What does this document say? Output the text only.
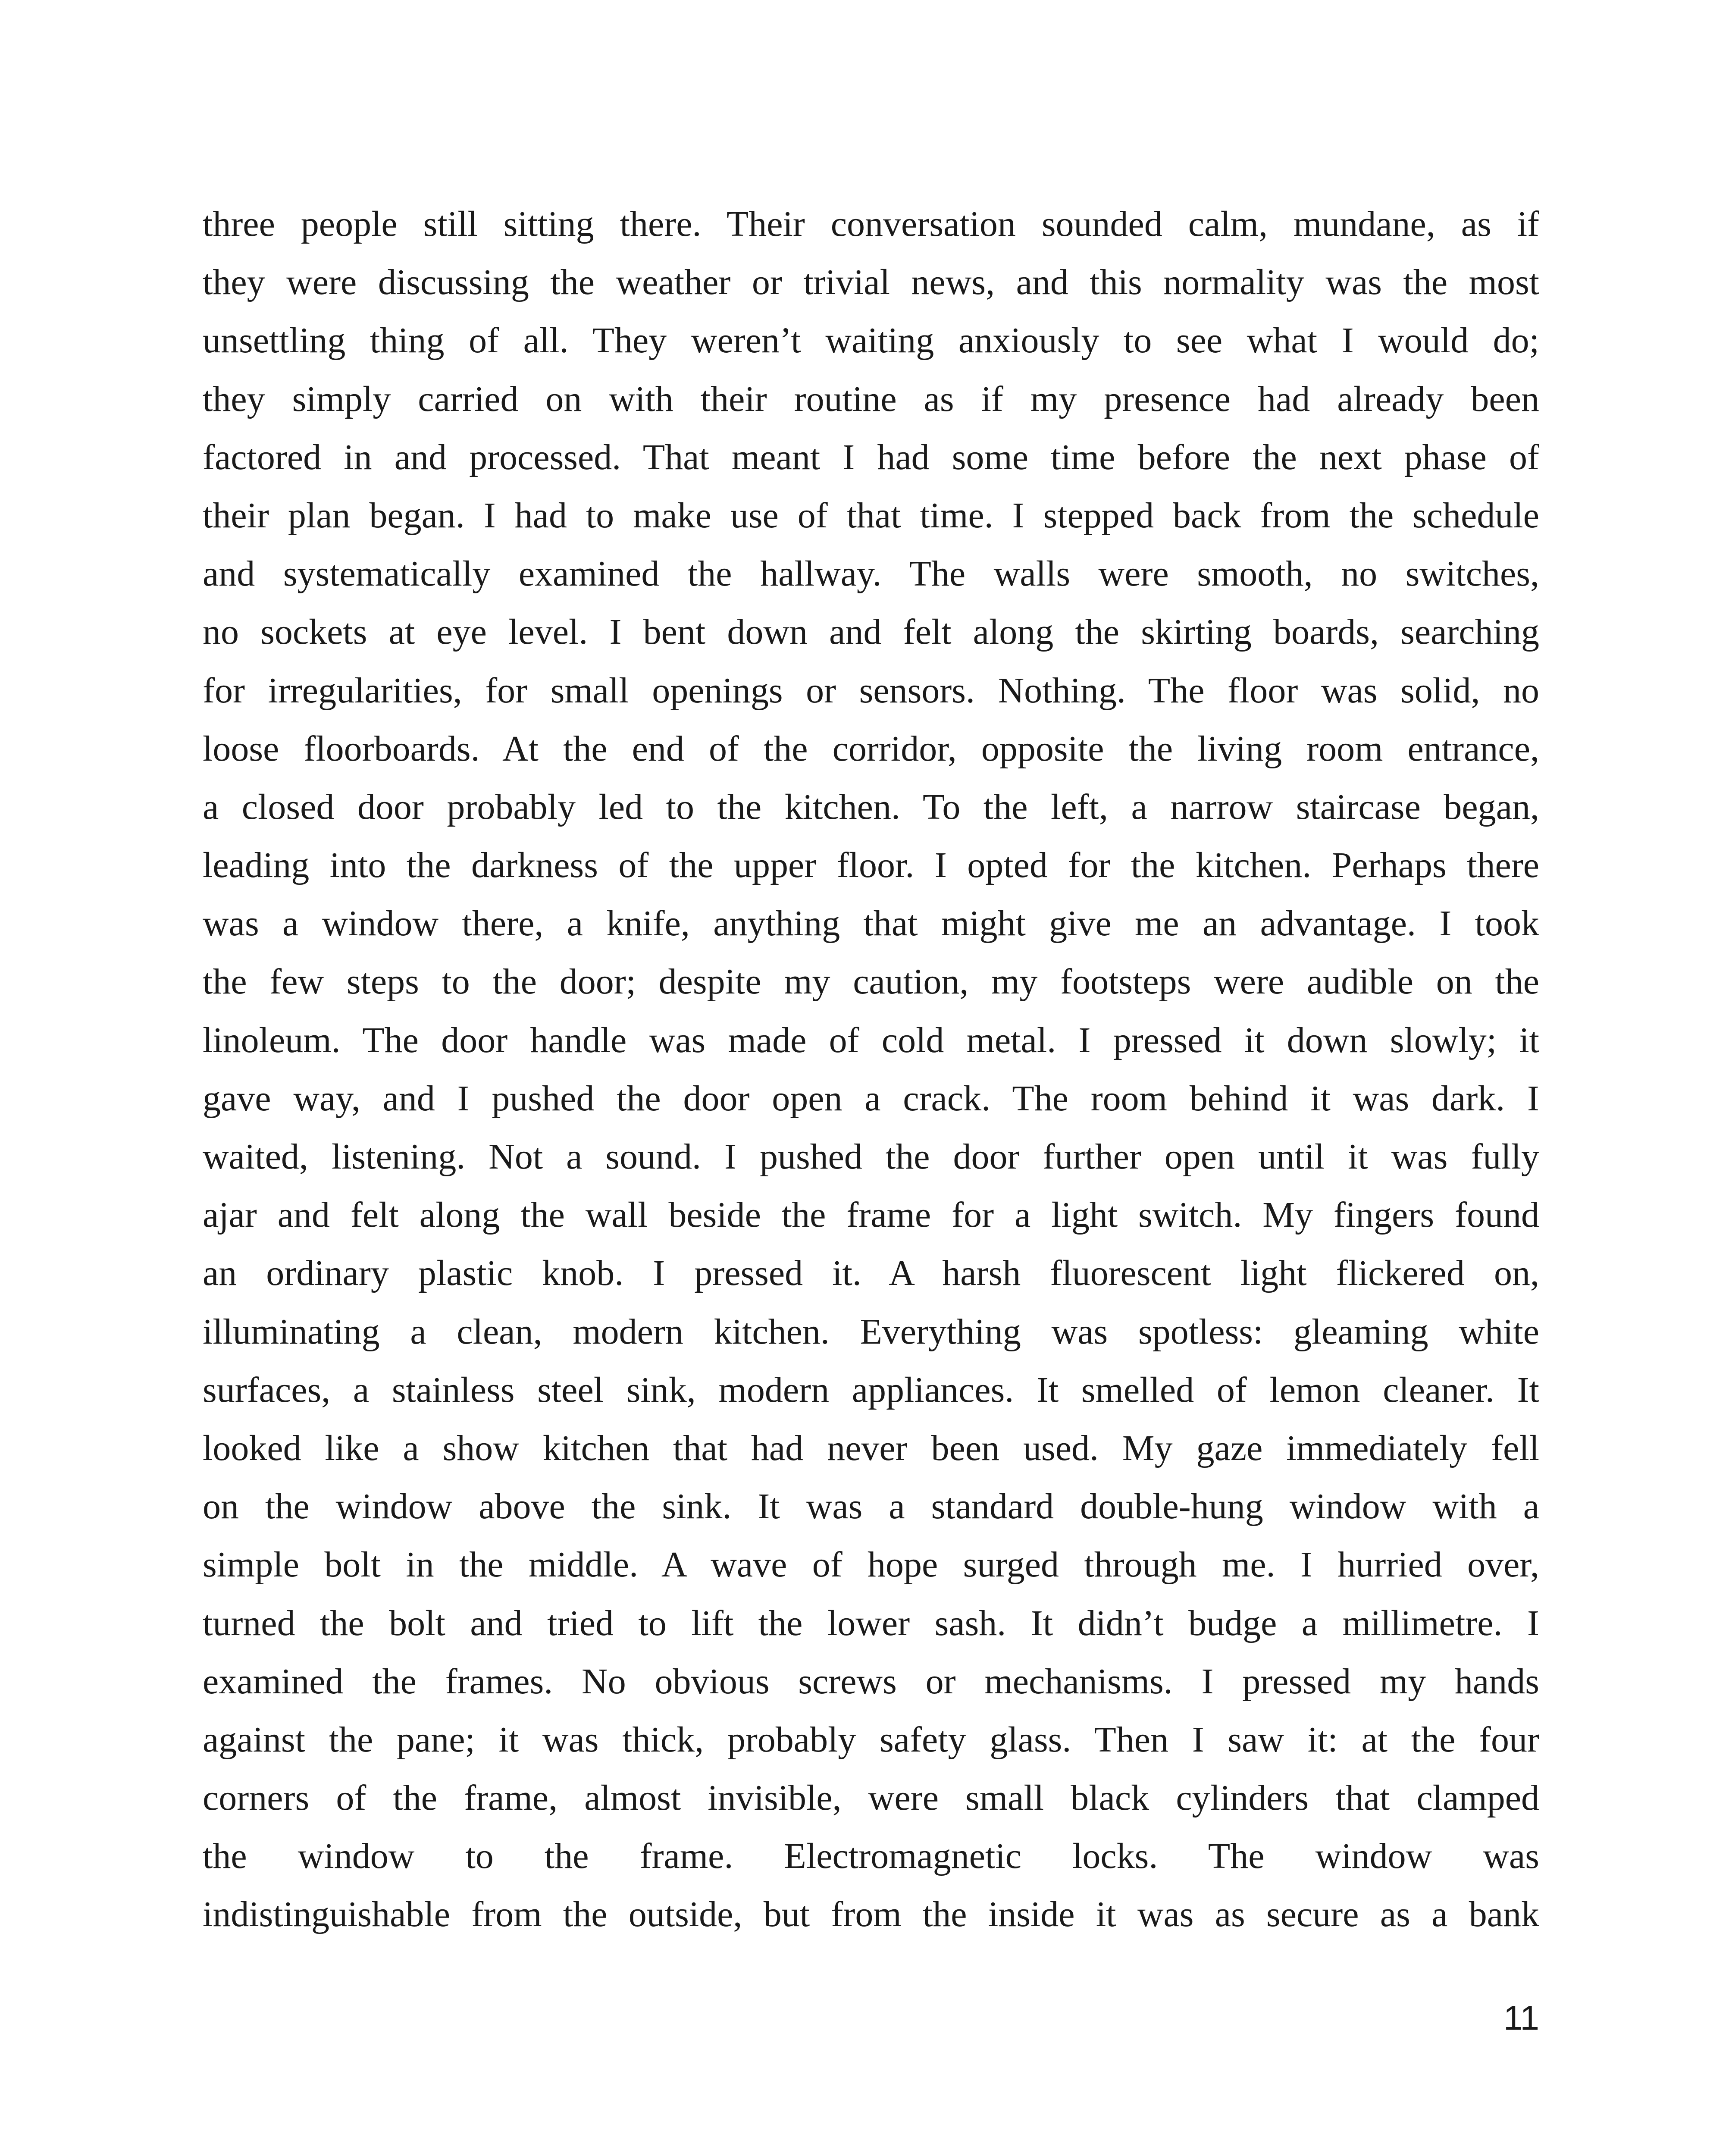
three people still sitting there. Their conversation sounded calm, mundane, as if
they were discussing the weather or trivial news, and this normality was the most
unsettling thing of all. They weren’t waiting anxiously to see what I would do;
they simply carried on with their routine as if my presence had already been
factored in and processed. That meant I had some time before the next phase of
their plan began. I had to make use of that time. I stepped back from the schedule
and systematically examined the hallway. The walls were smooth, no switches,
no sockets at eye level. I bent down and felt along the skirting boards, searching
for irregularities, for small openings or sensors. Nothing. The floor was solid, no
loose floorboards. At the end of the corridor, opposite the living room entrance,
a closed door probably led to the kitchen. To the left, a narrow staircase began,
leading into the darkness of the upper floor. I opted for the kitchen. Perhaps there
was a window there, a knife, anything that might give me an advantage. I took
the few steps to the door; despite my caution, my footsteps were audible on the
linoleum. The door handle was made of cold metal. I pressed it down slowly; it
gave way, and I pushed the door open a crack. The room behind it was dark. I
waited, listening. Not a sound. I pushed the door further open until it was fully
ajar and felt along the wall beside the frame for a light switch. My fingers found
an ordinary plastic knob. I pressed it. A harsh fluorescent light flickered on,
illuminating a clean, modern kitchen. Everything was spotless: gleaming white
surfaces, a stainless steel sink, modern appliances. It smelled of lemon cleaner. It
looked like a show kitchen that had never been used. My gaze immediately fell
on the window above the sink. It was a standard double-hung window with a
simple bolt in the middle. A wave of hope surged through me. I hurried over,
turned the bolt and tried to lift the lower sash. It didn’t budge a millimetre. I
examined the frames. No obvious screws or mechanisms. I pressed my hands
against the pane; it was thick, probably safety glass. Then I saw it: at the four
corners of the frame, almost invisible, were small black cylinders that clamped
the window to the frame. Electromagnetic locks. The window was
indistinguishable from the outside, but from the inside it was as secure as a bank
11
